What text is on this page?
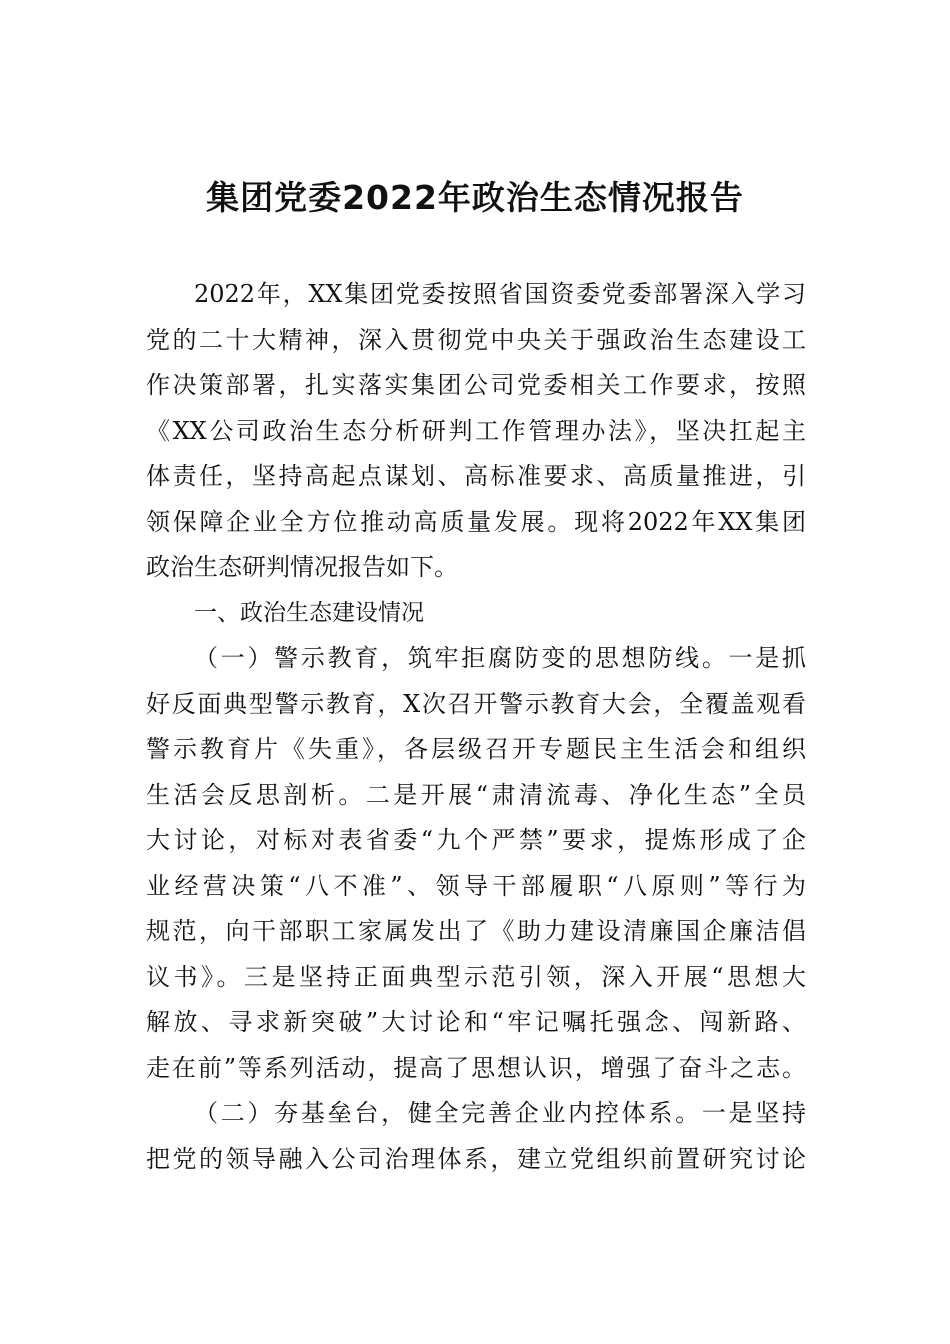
集团党委2022年政治生态情况报告
2022年，XX集团党委按照省国资委党委部署深入学习
党的二十大精神，深入贯彻党中央关于强政治生态建设工
作决策部署，扎实落实集团公司党委相关工作要求，按照
《XX公司政治生态分析研判工作管理办法》，坚决扛起主
体责任，坚持高起点谋划、高标准要求、高质量推进，引
领保障企业全方位推动高质量发展。现将2022年XX集团
政治生态研判情况报告如下。
一、政治生态建设情况
（一）警示教育，筑牢拒腐防变的思想防线。一是抓
好反面典型警示教育，X次召开警示教育大会，全覆盖观看
警示教育片《失重》，各层级召开专题民主生活会和组织
生活会反思剖析。二是开展“肃清流毒、净化生态”全员
大讨论，对标对表省委“九个严禁”要求，提炼形成了企
业经营决策“八不准”、领导干部履职“八原则”等行为
规范，向干部职工家属发出了《助力建设清廉国企廉洁倡
议书》。三是坚持正面典型示范引领，深入开展“思想大
解放、寻求新突破”大讨论和“牢记嘱托强念、闯新路、
走在前”等系列活动，提高了思想认识，增强了奋斗之志。
（二）夯基垒台，健全完善企业内控体系。一是坚持
把党的领导融入公司治理体系，建立党组织前置研究讨论
